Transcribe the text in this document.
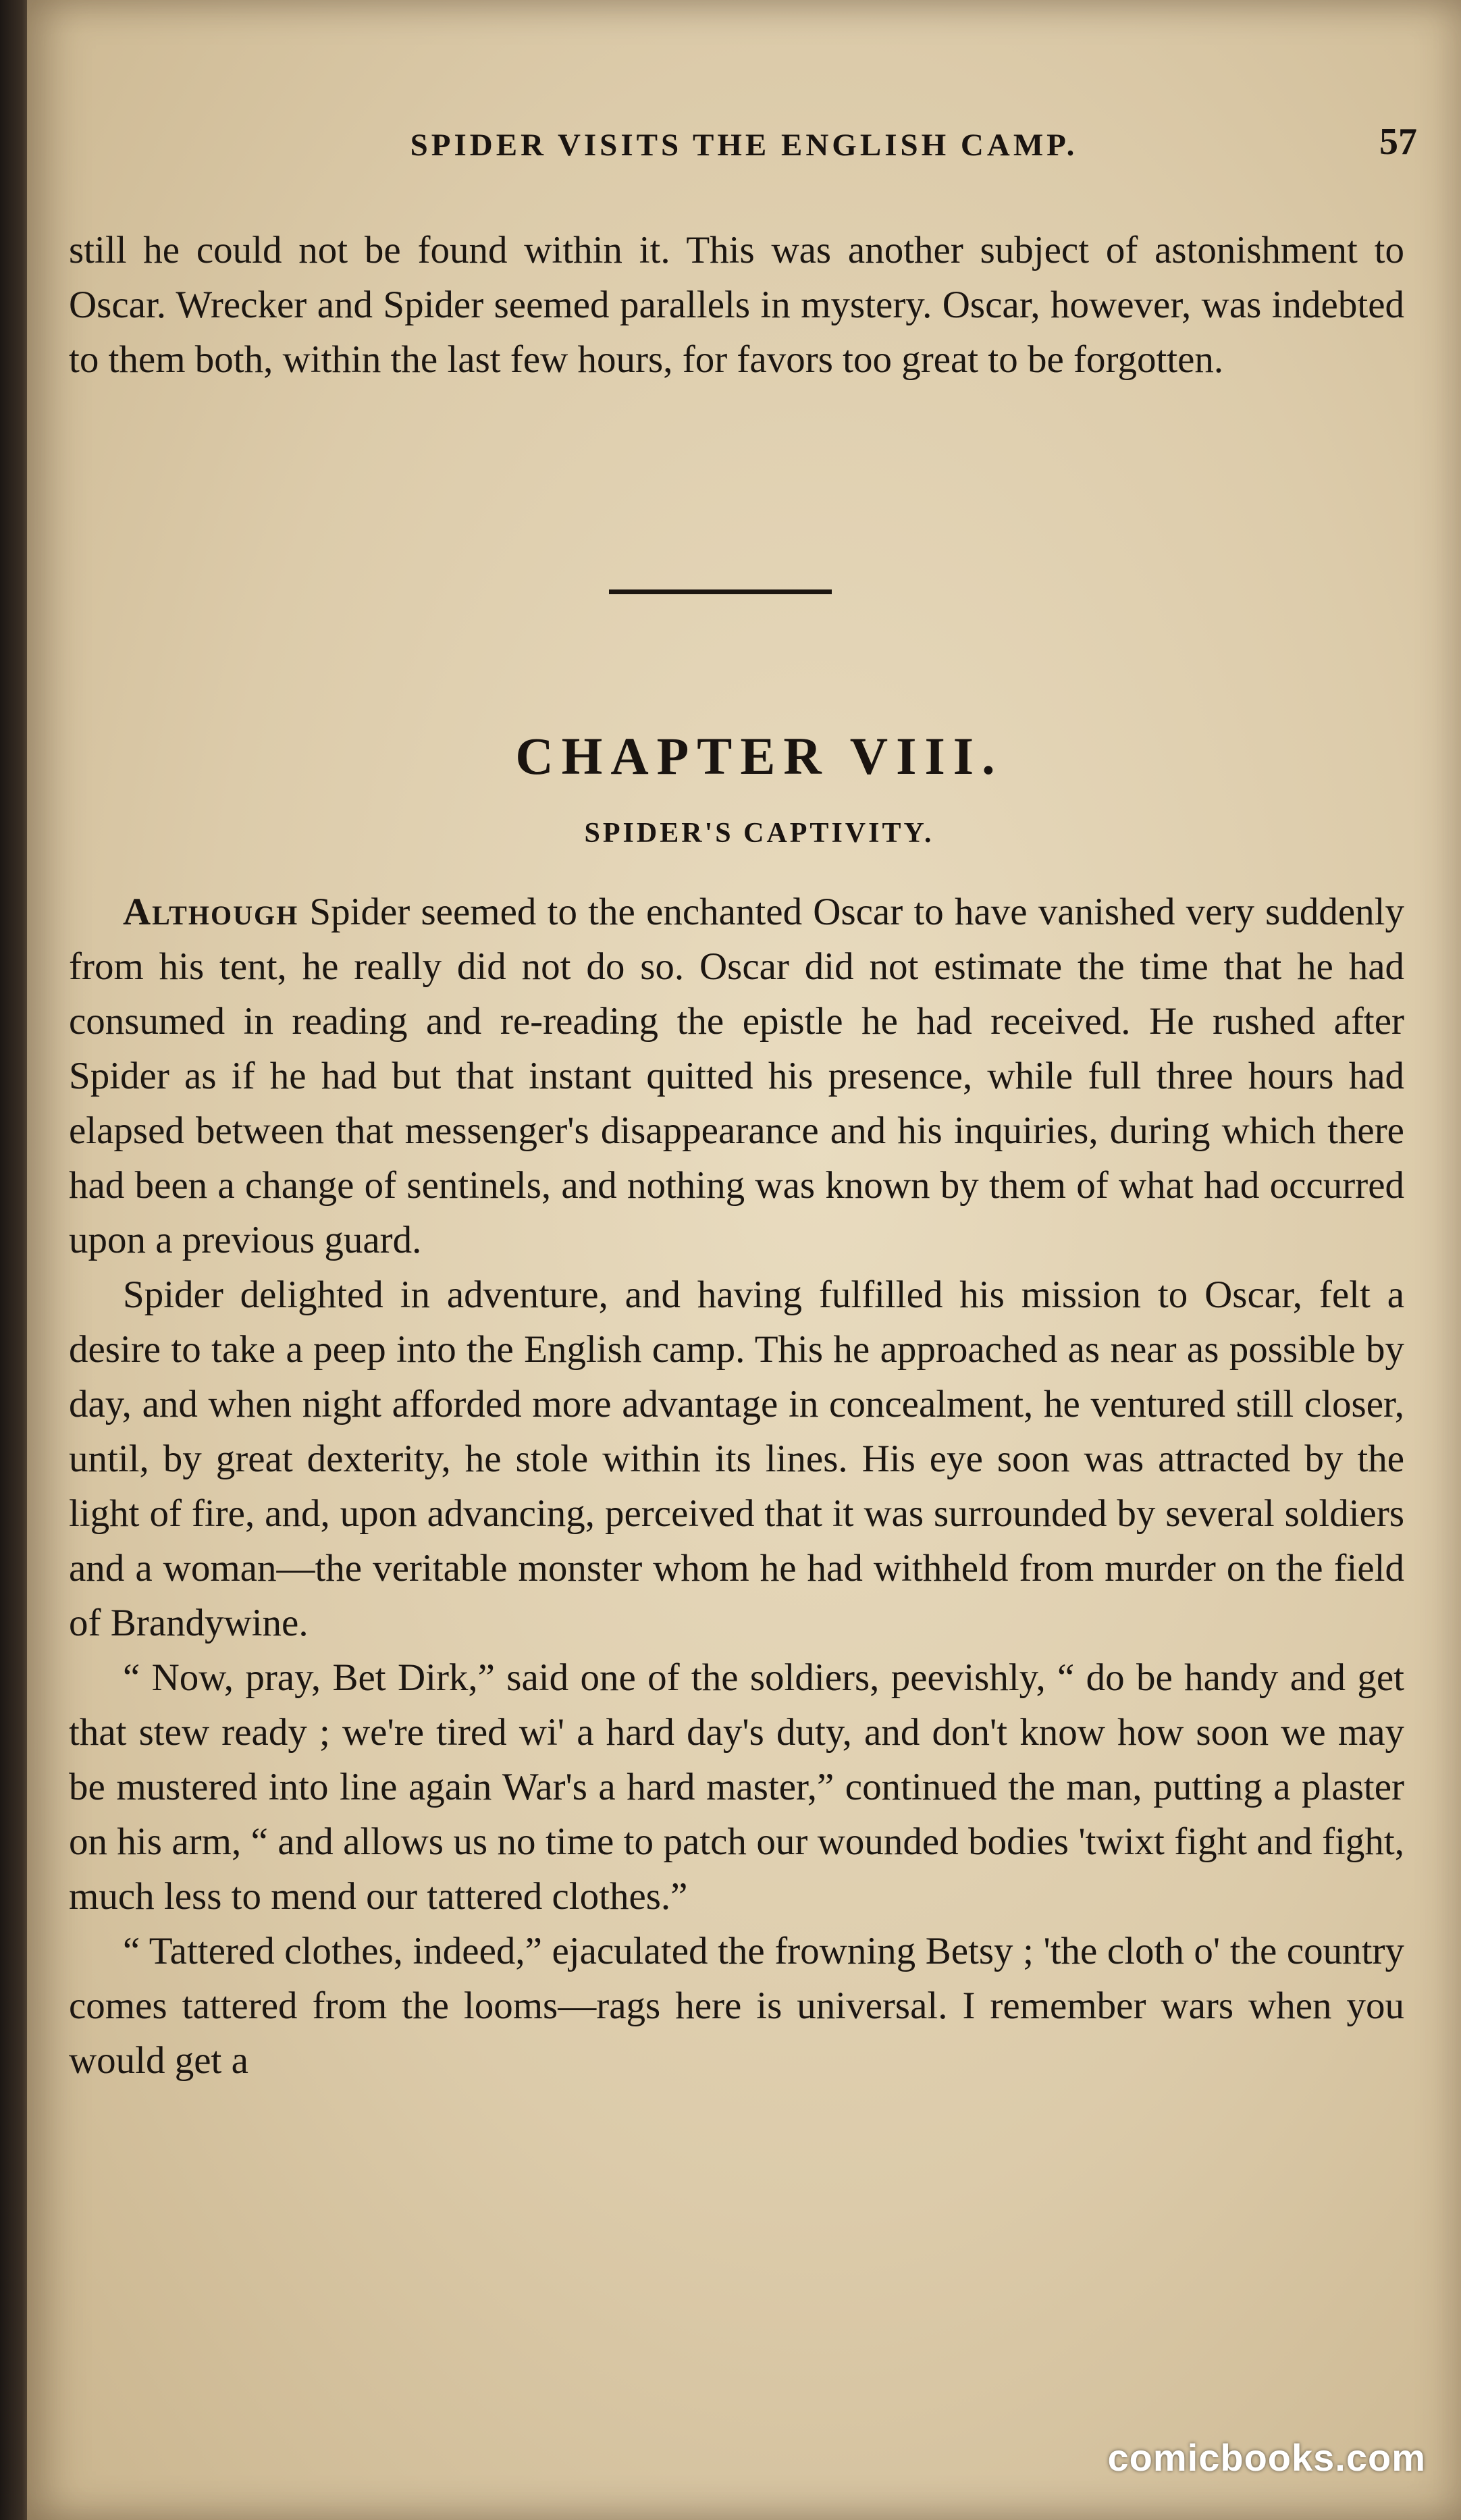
SPIDER VISITS THE ENGLISH CAMP.	57
still he could not be found within it. This was another subject of astonishment to Oscar. Wrecker and Spider seemed parallels in mystery. Oscar, however, was indebted to them both, within the last few hours, for favors too great to be forgotten.
CHAPTER VIII.
SPIDER'S CAPTIVITY.

Although Spider seemed to the enchanted Oscar to have vanished very suddenly from his tent, he really did not do so. Oscar did not estimate the time that he had consumed in reading and re-reading the epistle he had received. He rushed after Spider as if he had but that instant quitted his presence, while full three hours had elapsed between that messenger's disappearance and his inquiries, during which there had been a change of sentinels, and nothing was known by them of what had occurred upon a previous guard.

Spider delighted in adventure, and having fulfilled his mission to Oscar, felt a desire to take a peep into the English camp. This he approached as near as possible by day, and when night afforded more advantage in concealment, he ventured still closer, until, by great dexterity, he stole within its lines. His eye soon was attracted by the light of fire, and, upon advancing, perceived that it was surrounded by several soldiers and a woman—the veritable monster whom he had withheld from murder on the field of Brandywine.

“ Now, pray, Bet Dirk,” said one of the soldiers, peevishly, “ do be handy and get that stew ready ; we're tired wi' a hard day's duty, and don't know how soon we may be mustered into line again War's a hard master,” continued the man, putting a plaster on his arm, “ and allows us no time to patch our wounded bodies 'twixt fight and fight, much less to mend our tattered clothes.”

“ Tattered clothes, indeed,” ejaculated the frowning Betsy ; 'the cloth o' the country comes tattered from the looms—rags here is universal. I remember wars when you would get a

comicbooks.com
